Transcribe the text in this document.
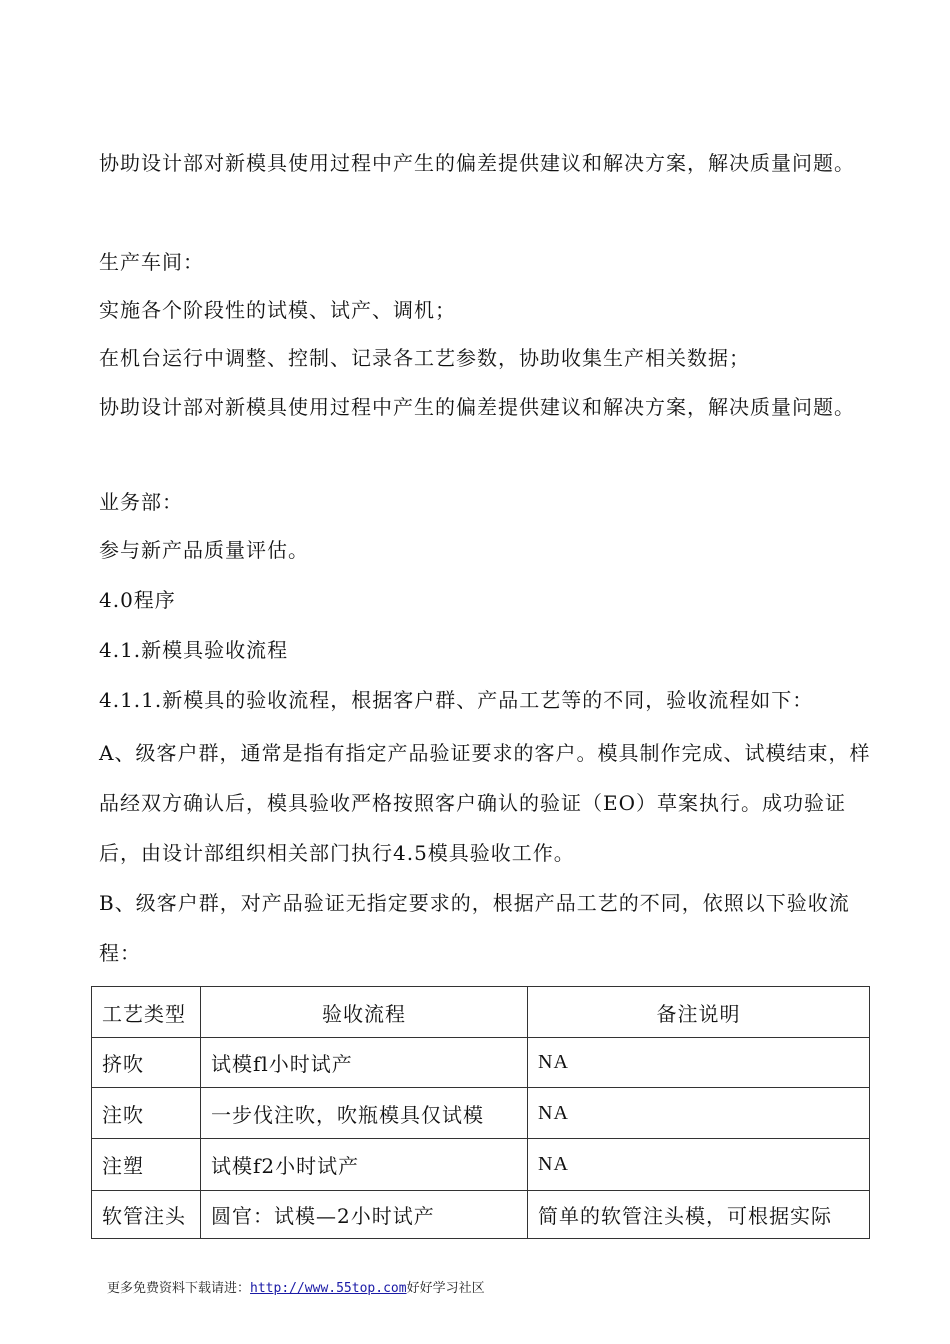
协助设计部对新模具使用过程中产生的偏差提供建议和解决方案，解决质量问题。
生产车间：
实施各个阶段性的试模、试产、调机；
在机台运行中调整、控制、记录各工艺参数，协助收集生产相关数据；
协助设计部对新模具使用过程中产生的偏差提供建议和解决方案，解决质量问题。
业务部：
参与新产品质量评估。
4.0程序
4.1.新模具验收流程
4.1.1.新模具的验收流程，根据客户群、产品工艺等的不同，验收流程如下：
A、级客户群，通常是指有指定产品验证要求的客户。模具制作完成、试模结束，样品经双方确认后，模具验收严格按照客户确认的验证（EO）草案执行。成功验证后，由设计部组织相关部门执行4.5模具验收工作。
B、级客户群，对产品验证无指定要求的，根据产品工艺的不同，依照以下验收流程：
工艺类型	验收流程	备注说明
挤吹	试模fl小时试产	NA
注吹	一步伐注吹，吹瓶模具仅试模	NA
注塑	试模f2小时试产	NA
软管注头	圆官：试模—2小时试产	简单的软管注头模，可根据实际
更多免费资料下载请进：http://www.55top.com好好学习社区
